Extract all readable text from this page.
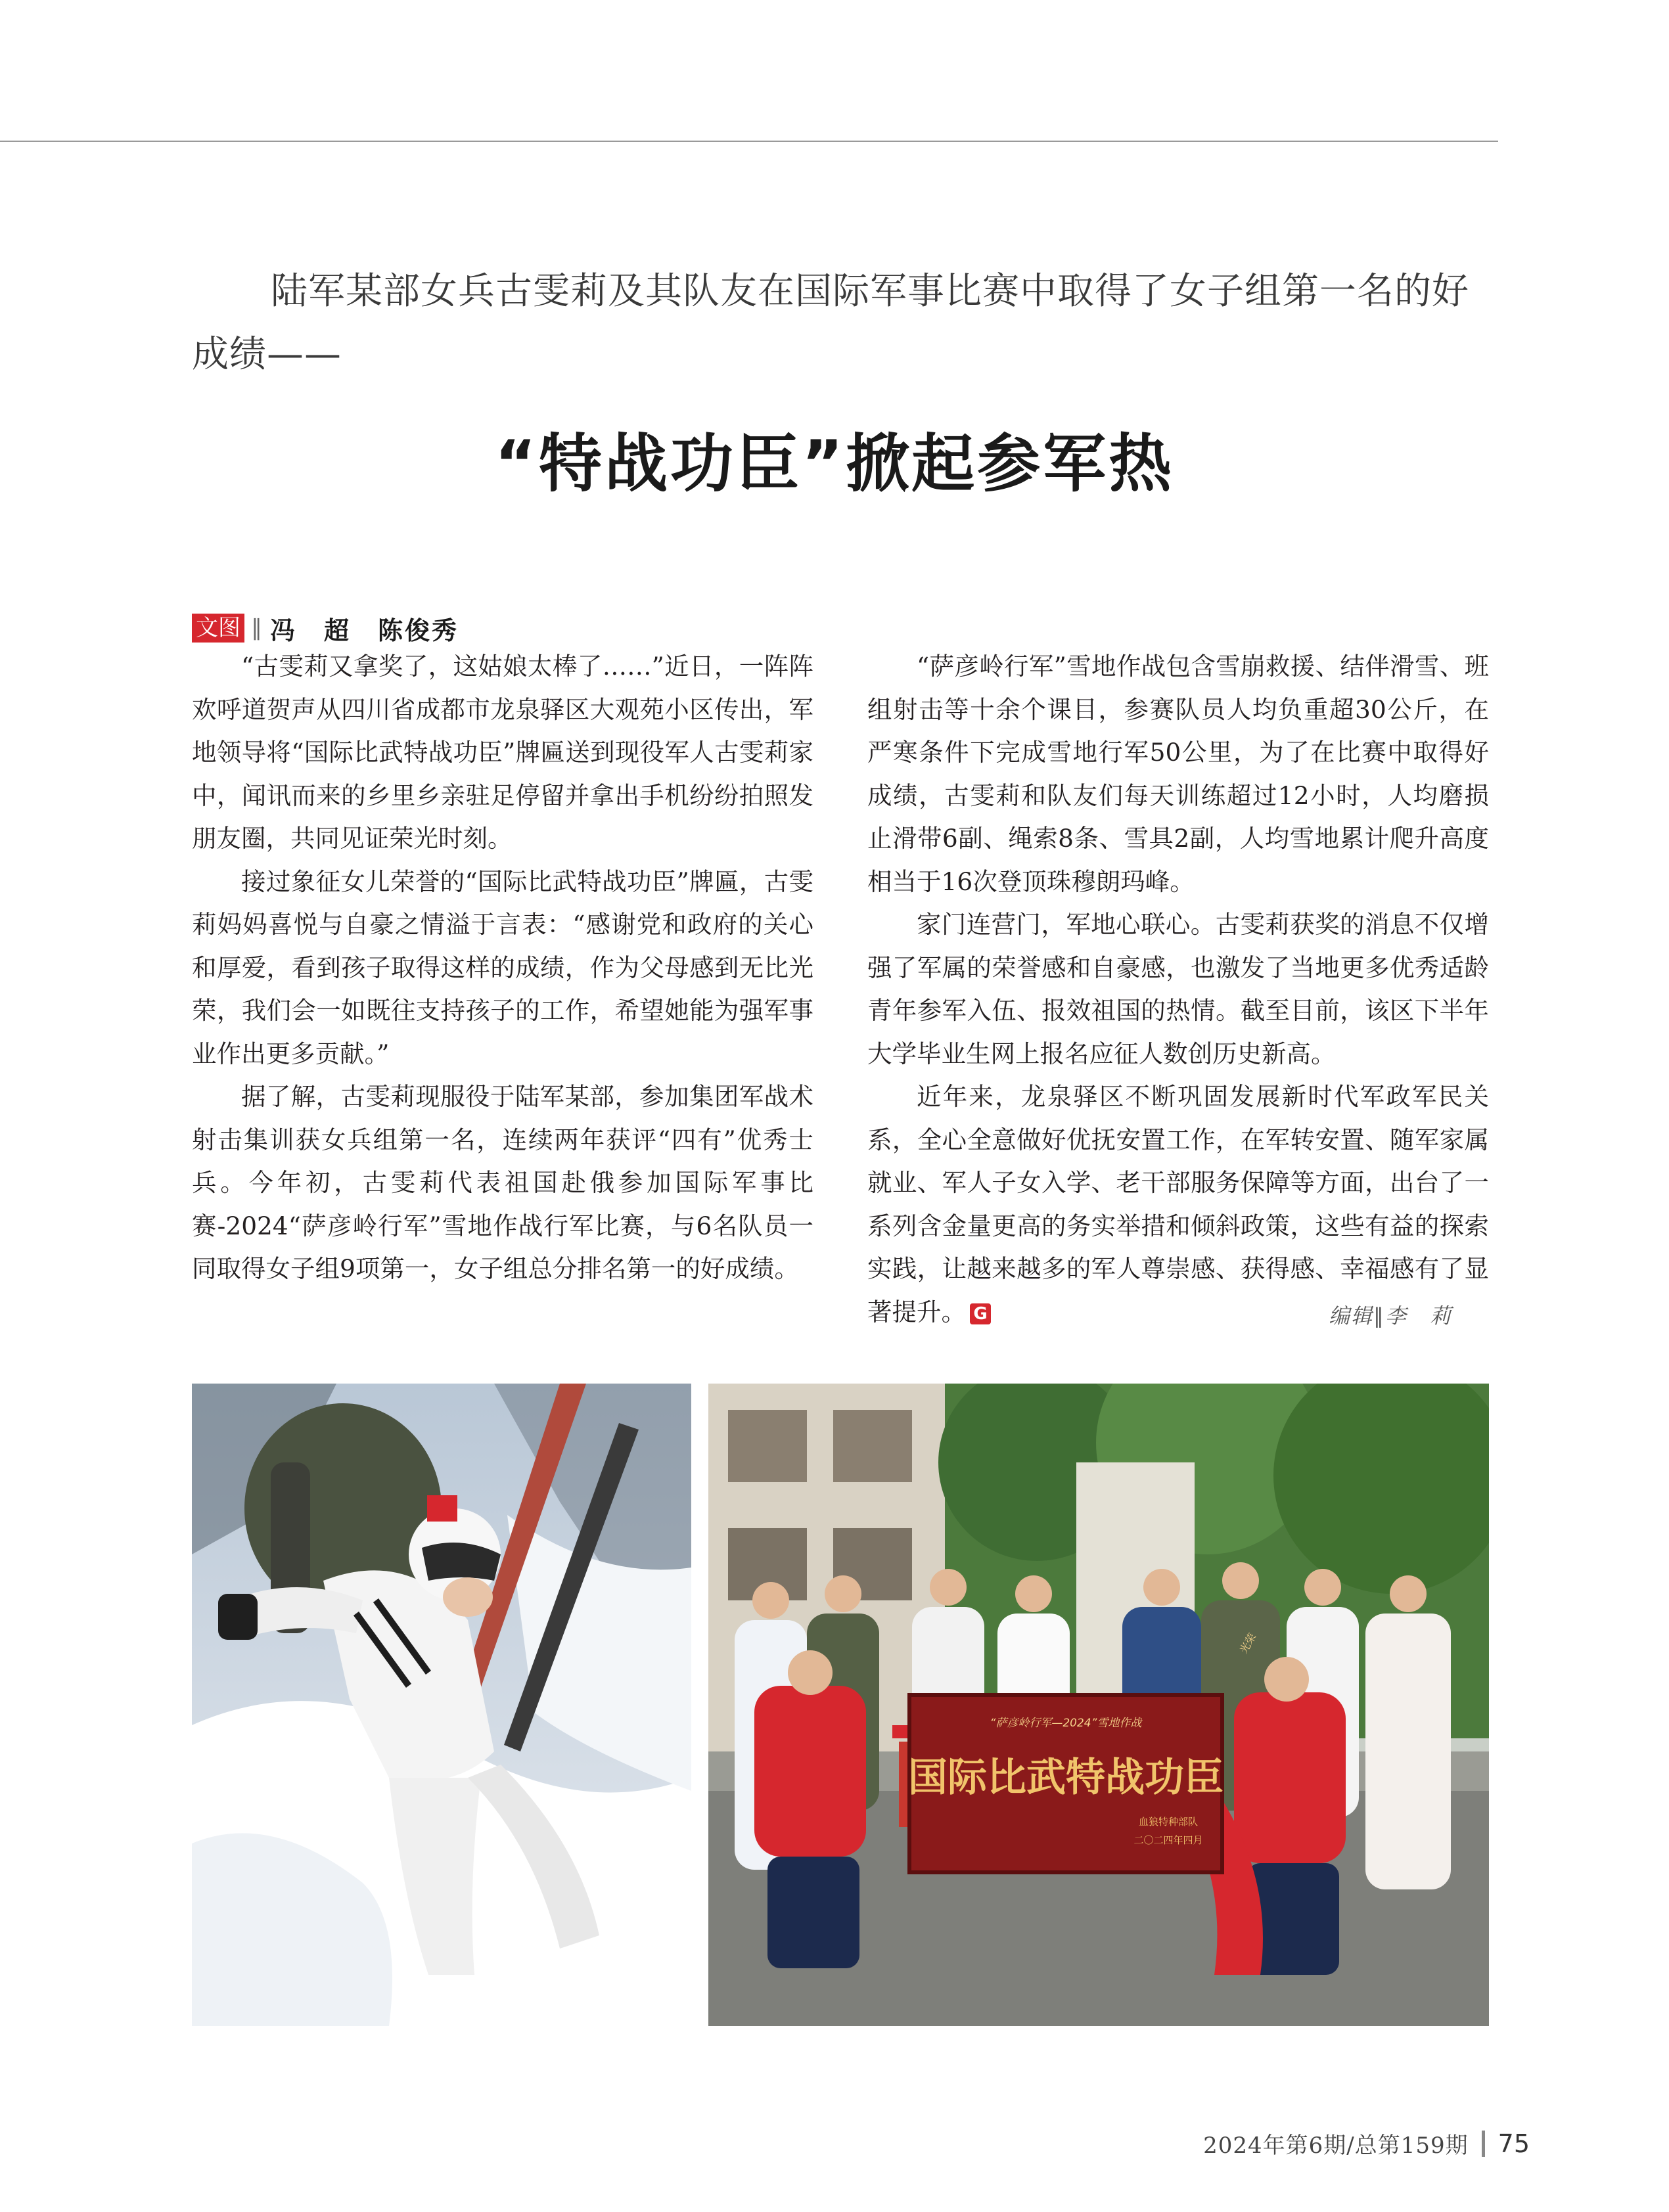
陆军某部女兵古雯莉及其队友在国际军事比赛中取得了女子组第一名的好成绩——
“特战功臣”掀起参军热
文图 ∥ 冯　超　陈俊秀

“古雯莉又拿奖了，这姑娘太棒了……”近日，一阵阵欢呼道贺声从四川省成都市龙泉驿区大观苑小区传出，军地领导将“国际比武特战功臣”牌匾送到现役军人古雯莉家中，闻讯而来的乡里乡亲驻足停留并拿出手机纷纷拍照发朋友圈，共同见证荣光时刻。

接过象征女儿荣誉的“国际比武特战功臣”牌匾，古雯莉妈妈喜悦与自豪之情溢于言表：“感谢党和政府的关心和厚爱，看到孩子取得这样的成绩，作为父母感到无比光荣，我们会一如既往支持孩子的工作，希望她能为强军事业作出更多贡献。”

据了解，古雯莉现服役于陆军某部，参加集团军战术射击集训获女兵组第一名，连续两年获评“四有”优秀士兵。今年初，古雯莉代表祖国赴俄参加国际军事比赛-2024“萨彦岭行军”雪地作战行军比赛，与6名队员一同取得女子组9项第一，女子组总分排名第一的好成绩。

“萨彦岭行军”雪地作战包含雪崩救援、结伴滑雪、班组射击等十余个课目，参赛队员人均负重超30公斤，在严寒条件下完成雪地行军50公里，为了在比赛中取得好成绩，古雯莉和队友们每天训练超过12小时，人均磨损止滑带6副、绳索8条、雪具2副，人均雪地累计爬升高度相当于16次登顶珠穆朗玛峰。

家门连营门，军地心联心。古雯莉获奖的消息不仅增强了军属的荣誉感和自豪感，也激发了当地更多优秀适龄青年参军入伍、报效祖国的热情。截至目前，该区下半年大学毕业生网上报名应征人数创历史新高。

近年来，龙泉驿区不断巩固发展新时代军政军民关系，全心全意做好优抚安置工作，在军转安置、随军家属就业、军人子女入学、老干部服务保障等方面，出台了一系列含金量更高的务实举措和倾斜政策，这些有益的探索实践，让越来越多的军人尊崇感、获得感、幸福感有了显著提升。 G	编辑∥李　莉
“萨彦岭行军—2024”雪地作战
国际比武特战功臣
血狼特种部队
二〇二四年四月
光荣
2024年第6期/总第159期 75
